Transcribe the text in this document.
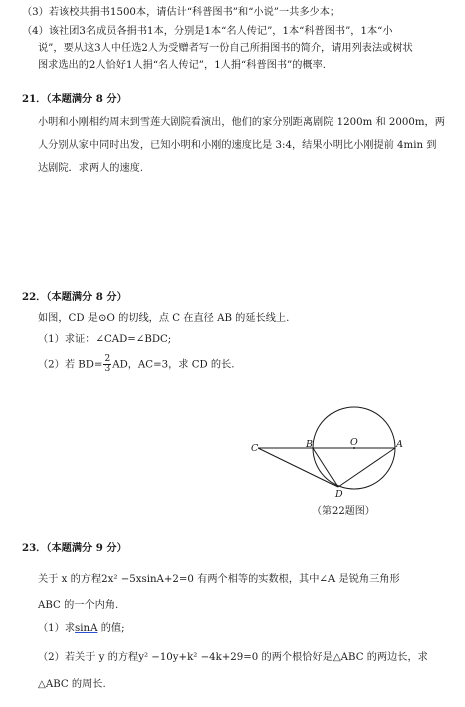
（3）若该校共捐书1500本，请估计“科普图书”和“小说”一共多少本；
（4）该社团3名成员各捐书1本，分别是1本“名人传记”，1本“科普图书”，1本“小
说”，要从这3人中任选2人为受赠者写一份自己所捐图书的简介，请用列表法或树状
图求选出的2人恰好1人捐“名人传记”，1人捐“科普图书”的概率.
21．（本题满分 8 分）
小明和小刚相约周末到雪莲大剧院看演出，他们的家分别距离剧院 1200m 和 2000m，两
人分别从家中同时出发，已知小明和小刚的速度比是 3:4，结果小明比小刚提前 4min 到
达剧院．求两人的速度.
22．（本题满分 8 分）
如图，CD 是⊙O 的切线，点 C 在直径 AB 的延长线上.
（1）求证：∠CAD=∠BDC;
（2）若 $BD= \frac{2}{3}$ AD，AC=3，求 CD 的长.
C	B	O	A
D
（第22题图）
23．（本题满分 9 分）
关于 x 的方程2x² −5xsinA+2=0 有两个相等的实数根，其中∠A 是锐角三角形
ABC 的一个内角.
（1）求sinA 的值;
（2）若关于 y 的方程y² −10y+k² −4k+29=0 的两个根恰好是△ABC 的两边长，求
△ABC 的周长.
